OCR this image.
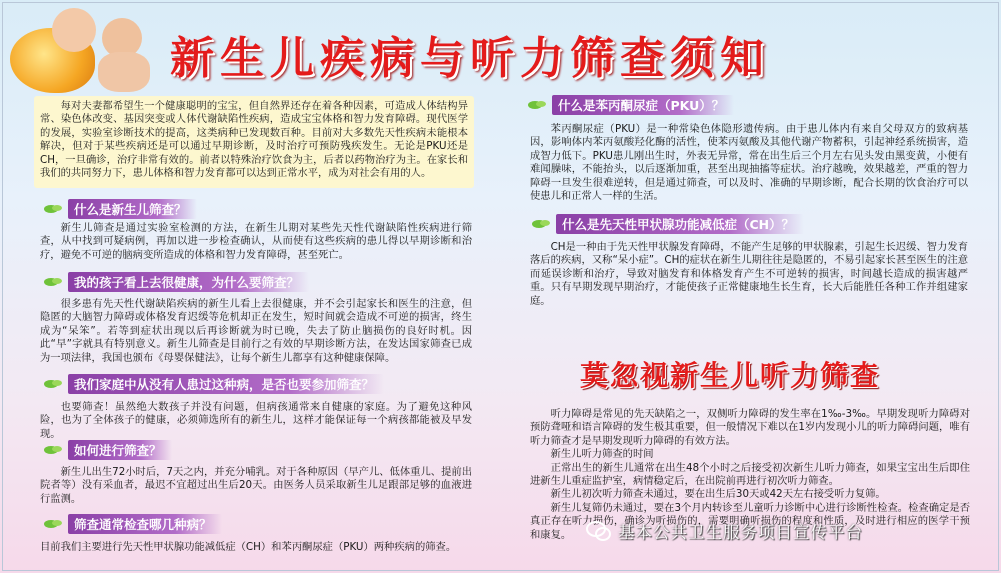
新生儿疾病与听力筛查须知

每对夫妻都希望生一个健康聪明的宝宝，但自然界还存在着各种因素，可造成人体结构异常、染色体改变、基因突变或人体代谢缺陷性疾病，造成宝宝体格和智力发育障碍。现代医学的发展，实验室诊断技术的提高，这类病种已发现数百种。目前对大多数先天性疾病未能根本解决，但对于某些疾病还是可以通过早期诊断，及时治疗可预防残疾发生。无论是PKU还是CH，一旦确诊，治疗非常有效的。前者以特殊治疗饮食为主，后者以药物治疗为主。在家长和我们的共同努力下，患儿体格和智力发育都可以达到正常水平，成为对社会有用的人。

什么是新生儿筛查？

新生儿筛查是通过实验室检测的方法，在新生儿期对某些先天性代谢缺陷性疾病进行筛查，从中找到可疑病例，再加以进一步检查确认，从而使有这些疾病的患儿得以早期诊断和治疗，避免不可逆的脑病变所造成的体格和智力发育障碍，甚至死亡。

我的孩子看上去很健康，为什么要筛查？

很多患有先天性代谢缺陷疾病的新生儿看上去很健康，并不会引起家长和医生的注意，但隐匿的大脑智力障碍或体格发育迟缓等危机却正在发生，短时间就会造成不可逆的损害，终生成为“呆笨”。若等到症状出现以后再诊断就为时已晚，失去了防止脑损伤的良好时机。因此“早”字就具有特别意义。新生儿筛查是目前行之有效的早期诊断方法，在发达国家筛查已成为一项法律，我国也颁布《母婴保健法》，让每个新生儿都享有这种健康保障。

我们家庭中从没有人患过这种病，是否也要参加筛查？

也要筛查！虽然绝大数孩子并没有问题，但病孩通常来自健康的家庭。为了避免这种风险，也为了全体孩子的健康，必须筛选所有的新生儿，这样才能保证每一个病孩都能被及早发现。

如何进行筛查？

新生儿出生72小时后，7天之内，并充分哺乳。对于各种原因（早产儿、低体重儿、提前出院者等）没有采血者，最迟不宜超过出生后20天。由医务人员采取新生儿足跟部足够的血液进行监测。

筛查通常检查哪几种病？

目前我们主要进行先天性甲状腺功能减低症（CH）和苯丙酮尿症（PKU）两种疾病的筛查。

什么是苯丙酮尿症（PKU）？

苯丙酮尿症（PKU）是一种常染色体隐形遗传病。由于患儿体内有来自父母双方的致病基因，影响体内苯丙氨酸羟化酶的活性，使苯丙氨酸及其他代谢产物蓄积，引起神经系统损害，造成智力低下。PKU患儿刚出生时，外表无异常，常在出生后三个月左右见头发由黑变黄，小便有难闻臊味，不能抬头，以后逐渐加重，甚至出现抽搐等症状。治疗越晚，效果越差，严重的智力障碍一旦发生很难逆转，但是通过筛查，可以及时、准确的早期诊断，配合长期的饮食治疗可以使患儿和正常人一样的生活。

什么是先天性甲状腺功能减低症（CH）？

CH是一种由于先天性甲状腺发育障碍，不能产生足够的甲状腺素，引起生长迟缓、智力发育落后的疾病，又称“呆小症”。CH的症状在新生儿期往往是隐匿的，不易引起家长甚至医生的注意而延误诊断和治疗，导致对脑发育和体格发育产生不可逆转的损害，时间越长造成的损害越严重。只有早期发现早期治疗，才能使孩子正常健康地生长生育，长大后能胜任各种工作并组建家庭。

莫忽视新生儿听力筛查

听力障碍是常见的先天缺陷之一，双侧听力障碍的发生率在1‰-3‰。早期发现听力障碍对预防聋哑和语言障碍的发生极其重要，但一般情况下难以在1岁内发现小儿的听力障碍问题，唯有听力筛查才是早期发现听力障碍的有效方法。

新生儿听力筛查的时间

正常出生的新生儿通常在出生48个小时之后接受初次新生儿听力筛查，如果宝宝出生后即住进新生儿重症监护室，病情稳定后，在出院前再进行初次听力筛查。

新生儿初次听力筛查未通过，要在出生后30天或42天左右接受听力复筛。

新生儿复筛仍未通过，要在3个月内转诊至儿童听力诊断中心进行诊断性检查。检查确定是否真正存在听力损伤，确诊为听损伤的，需要明确听损伤的程度和性质，及时进行相应的医学干预和康复。	基本公共卫生服务项目宣传平台
